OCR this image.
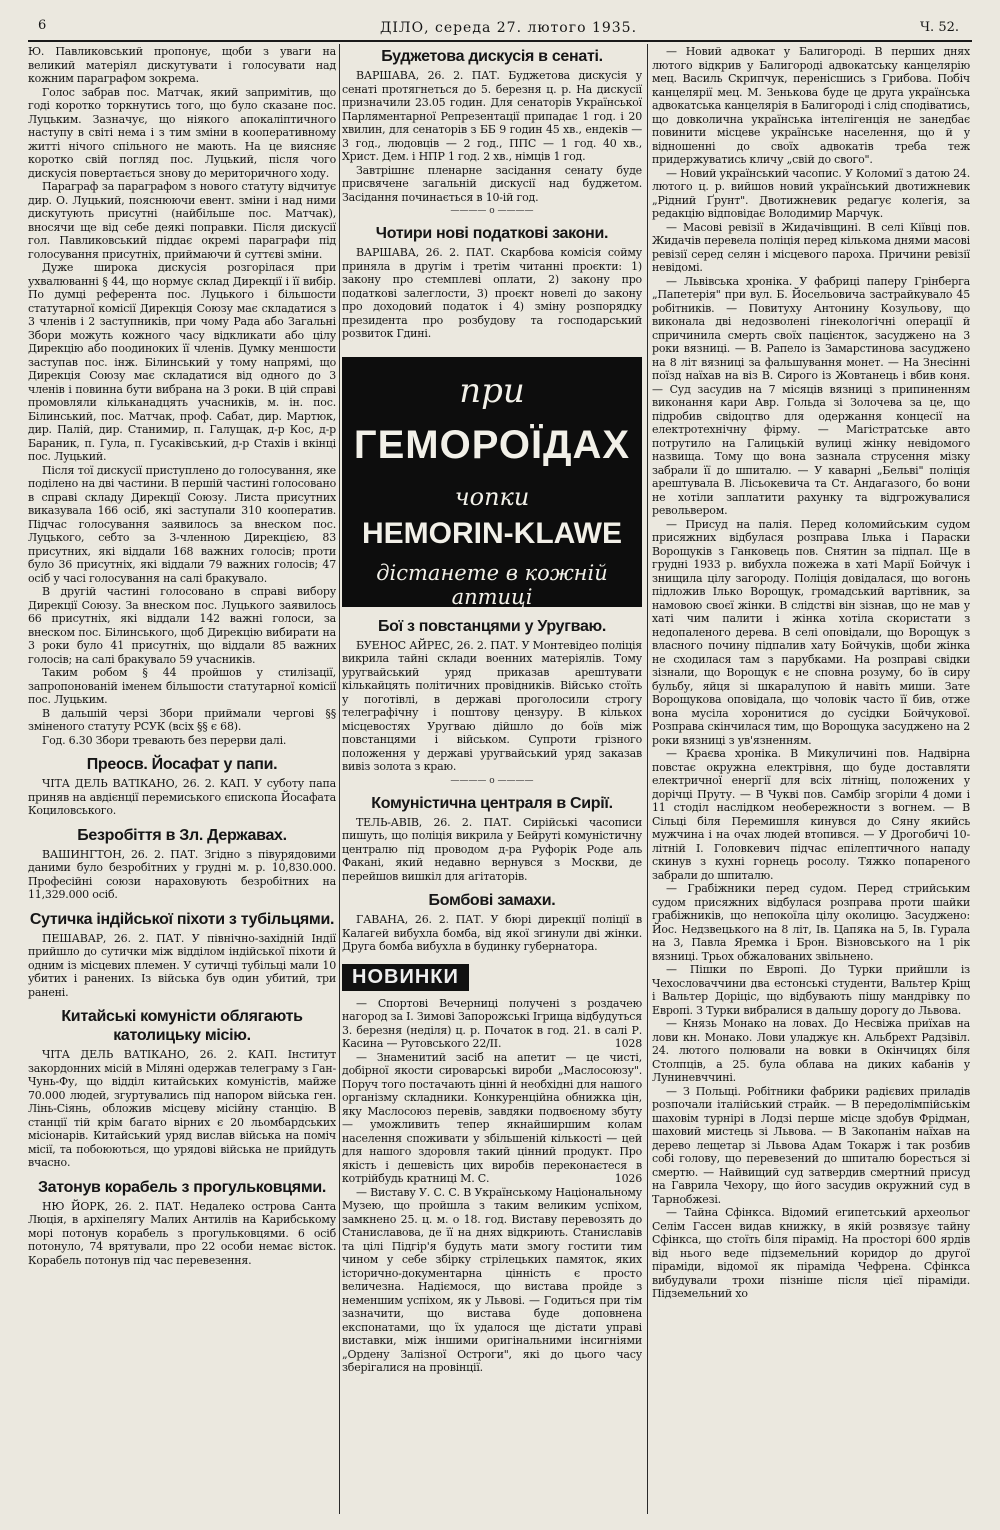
6	ДІЛО, середа 27. лютого 1935.	Ч. 52.

Ю. Павликовський пропонує, щоби з уваги на великий матеріял дискутувати і голосувати над кожним параграфом зокрема.

Голос забрав пос. Матчак, який запримітив, що годі коротко торкнутись того, що було сказане пос. Луцьким. Зазначує, що ніякого апокаліптичного наступу в світі нема і з тим зміни в кооперативному житті нічого спільного не мають. На це виясняє коротко свій погляд пос. Луцький, після чого дискусія повертається знову до мериторичного ходу.

Параграф за параграфом з нового статуту відчитує дир. О. Луцький, пояснюючи евент. зміни і над ними дискутують присутні (найбільше пос. Матчак), вносячи ще від себе деякі поправки. Після дискусії гол. Павликовський піддає окремі параграфи під голосування присутніх, приймаючи й суттєві зміни.

Дуже широка дискусія розгорілася при ухвалюванні § 44, що нормує склад Дирекції і її вибір. По думці референта пос. Луцького і більшости статутарної комісії Дирекція Союзу має складатися з 3 членів і 2 заступників, при чому Рада або Загальні Збори можуть кожного часу відкликати або цілу Дирекцію або поодиноких її членів. Думку меншости заступав пос. інж. Білинський у тому напрямі, що Дирекція Союзу має складатися від одного до 3 членів і повинна бути вибрана на 3 роки. В цій справі промовляли кільканадцять учасників, м. ін. пос. Білинський, пос. Матчак, проф. Сабат, дир. Мартюк, дир. Палій, дир. Станимир, п. Галущак, д-р Кос, д-р Бараник, п. Гула, п. Гусаківський, д-р Стахів і вкінці пос. Луцький.

Після тої дискусії приступлено до голосування, яке поділено на дві частини. В першій частині голосовано в справі складу Дирекції Союзу. Листа присутних виказувала 166 осіб, які заступали 310 кооператив. Підчас голосування заявилось за внеском пос. Луцького, себто за 3-членною Дирекцією, 83 присутних, які віддали 168 важних голосів; проти було 36 присутніх, які віддали 79 важних голосів; 47 осіб у часі голосування на салі бракувало.

В другій частині голосовано в справі вибору Дирекції Союзу. За внеском пос. Луцького заявилось 66 присутніх, які віддали 142 важні голоси, за внеском пос. Білинського, щоб Дирекцію вибирати на 3 роки було 41 присутніх, що віддали 85 важних голосів; на салі бракувало 59 учасників.

Таким робом § 44 пройшов у стилізації, запропонованій іменем більшости статутарної комісії пос. Луцьким.

В дальшій черзі Збори приймали чергові §§ зміненого статуту РСУК (всіх §§ є 68).

Год. 6.30 Збори тревають без перерви далі.

Преосв. Йосафат у папи.

ЧІТА ДЕЛЬ ВАТІКАНО, 26. 2. КАП. У суботу папа приняв на авдієнції перемиського єпископа Йосафата Коциловського.

Безробіття в Зл. Державах.

ВАШИНГТОН, 26. 2. ПАТ. Згідно з півурядовими даними було безробітних у грудні м. р. 10,830.000. Професійні союзи нараховують безробітних на 11,329.000 осіб.

Сутичка індійської піхоти з тубільцями.

ПЕШАВАР, 26. 2. ПАТ. У північно-західній Індії прийшло до сутички між відділом індійської піхоти й одним із місцевих племен. У сутичці тубільці мали 10 убитих і ранених. Із війська був один убитий, три ранені.

Китайські комуністи облягають католицьку місію.

ЧІТА ДЕЛЬ ВАТІКАНО, 26. 2. КАП. Інститут закордонних місій в Міляні одержав телеграму з Ган-Чунь-Фу, що відділ китайських комуністів, майже 70.000 людей, згуртувались під напором війська ген. Лінь-Сіянь, обложив місцеву місійну станцію. В станції тій крім багато вірних є 20 льомбардських місіонарів. Китайський уряд вислав війська на поміч місії, та побоюються, що урядові війська не прийдуть вчасно.

Затонув корабель з прогульковцями.

НЮ ЙОРК, 26. 2. ПАТ. Недалеко острова Санта Люція, в архіпелягу Малих Антилів на Карибському морі потонув корабель з прогульковцями. 6 осіб потонуло, 74 врятували, про 22 особи немає вісток. Корабель потонув під час перевезення.

Буджетова дискусія в сенаті.

ВАРШАВА, 26. 2. ПАТ. Буджетова дискусія у сенаті протягнеться до 5. березня ц. р. На дискусії призначили 23.05 годин. Для сенаторів Української Парляментарної Репрезентації припадає 1 год. і 20 хвилин, для сенаторів з ББ 9 годин 45 хв., ендеків — 3 год., людовців — 2 год., ППС — 1 год. 40 хв., Христ. Дем. і НПР 1 год. 2 хв., німців 1 год.

Завтрішнє пленарне засідання сенату буде присвячене загальній дискусії над буджетом. Засідання починається в 10-ій год.

———— o ————
Чотири нові податкові закони.

ВАРШАВА, 26. 2. ПАТ. Скарбова комісія сойму приняла в другім і третім читанні проєкти: 1) закону про стемплеві оплати, 2) закону про податкові залеглости, 3) проєкт новелі до закону про доходовий податок і 4) зміну розпорядку президента про розбудову та господарський розвиток Гдині.

при
ГЕМОРОЇДАХ
чопки
HEMORIN-KLAWE
дістанете в кожній аптиці
Бої з повстанцями у Уругваю.

БУЕНОС АЙРЕС, 26. 2. ПАТ. У Монтевідео поліція викрила тайні склади военних матеріялів. Тому уругвайський уряд приказав арештувати кількайцять політичних провідників. Військо стоїть у поготівлі, в державі проголосили строгу телеграфічну і поштову цензуру. В кількох місцевостях Уругваю дійшло до боїв між повстанцями і військом. Супроти грізного положення у державі уругвайський уряд заказав вивіз золота з краю.

———— o ————
Комуністична централя в Сирії.

ТЕЛЬ-АВІВ, 26. 2. ПАТ. Сирійські часописи пишуть, що поліція викрила у Бейруті комуністичну централю під проводом д-ра Руфорік Роде аль Факані, який недавно вернувся з Москви, де перейшов вишкіл для агітаторів.

Бомбові замахи.

ГАВАНА, 26. 2. ПАТ. У бюрі дирекції поліції в Калагей вибухла бомба, від якої згинули дві жінки. Друга бомба вибухла в будинку губернатора.

НОВИНКИ

— Спортові Вечерниці получені з роздачею нагород за І. Зимові Запорожські Ігрища відбудуться 3. березня (неділя) ц. р. Початок в год. 21. в салі Р. Касина — Рутовського 22/II.	1028

— Знаменитий засіб на апетит — це чисті, добірної якости сироварські вироби „Маслосоюзу". Поруч того постачають цінні й необхідні для нашого організму складники. Конкуренційна обнижка цін, яку Маслосоюз перевів, завдяки подвоєному збуту — уможливить тепер якнайширшим колам населення споживати у збільшеній кількості — цей для нашого здоровля такий цінний продукт. Про якість і дешевість цих виробів переконаєтеся в котрійбудь кратниці М. С.	1026

— Виставу У. С. С. В Українському Національному Музею, що пройшла з таким великим успіхом, замкнено 25. ц. м. о 18. год. Виставу перевозять до Станиславова, де її на днях відкриють. Станиславів та цілі Підгір'я будуть мати змогу гостити тим чином у себе збірку стрілецьких памяток, яких історично-документарна цінність є просто величезна. Надіємося, що вистава пройде з неменшим успіхом, як у Львові. — Годиться при тім зазначити, що вистава буде доповнена експонатами, що їх удалося ще дістати управі виставки, між іншими оригінальними інсигніями „Ордену Залізної Остроги", які до цього часу зберігалися на провінції.

— Новий адвокат у Балигороді. В перших днях лютого відкрив у Балигороді адвокатську канцелярію мец. Василь Скрипчук, перенісшись з Грибова. Побіч канцелярії мец. М. Зенькова буде це друга українська адвокатська канцелярія в Балигороді і слід сподіватись, що довколична українська інтелігенція не занедбає повинити місцеве українське населення, що й у відношенні до своїх адвокатів треба теж придержуватись кличу „свій до свого".

— Новий український часопис. У Коломиї з датою 24. лютого ц. р. вийшов новий український двотижневик „Рідний Ґрунт". Двотижневик редагує колегія, за редакцію відповідає Володимир Марчук.

— Масові ревізії в Жидачівщині. В селі Кіївці пов. Жидачів перевела поліція перед кількома днями масові ревізії серед селян і місцевого пароха. Причини ревізії невідомі.

— Львівська хроніка. У фабриці паперу Грінберга „Папетерія" при вул. Б. Йосельовича застрайкувало 45 робітників. — Повитуху Антонину Козульову, що виконала дві недозволені гінекологічні операції й спричинила смерть своїх пацієнток, засуджено на 3 роки вязниці. — В. Рапело із Замарстинова засуджено на 8 літ вязниці за фальшування монет. — На Знесінні поїзд наїхав на віз В. Сирого із Жовтанець і вбив коня. — Суд засудив на 7 місяців вязниці з припиненням виконання кари Авр. Гольда зі Золочева за це, що підробив свідоцтво для одержання концесії на електротехнічну фірму. — Магістратське авто потрутило на Галицькій вулиці жінку невідомого назвища. Тому що вона зазнала струсення мізку забрали її до шпиталю. — У каварні „Бельві" поліція арештувала В. Лісьокевича та Ст. Андагазого, бо вони не хотіли заплатити рахунку та відгрожувалися револьвером.

— Присуд на палія. Перед коломийським судом присяжних відбулася розправа Ілька і Параски Ворощуків з Ганковець пов. Снятин за підпал. Ще в грудні 1933 р. вибухла пожежа в хаті Марії Бойчук і знищила цілу загороду. Поліція довідалася, що вогонь підложив Ілько Ворощук, громадський вартівник, за намовою своєї жінки. В слідстві він зізнав, що не мав у хаті чим палити і жінка хотіла скористати з недопаленого дерева. В селі оповідали, що Ворощук з власного почину підпалив хату Бойчуків, щоби жінка не сходилася там з парубками. На розправі свідки зізнали, що Ворощук є не сповна розуму, бо їв сиру бульбу, яйця зі шкаралупою й навіть миши. Зате Ворощукова оповідала, що чоловік часто її бив, отже вона мусіла хоронитися до сусідки Бойчукової. Розправа скінчилася тим, що Ворощука засуджено на 2 роки вязниці з ув'язненням.

— Краєва хроніка. В Микуличині пов. Надвірна повстає окружна електрівня, що буде доставляти електричної енергії для всіх літніщ, положених у дорічці Пруту. — В Чукві пов. Самбір згоріли 4 доми і 11 стоділ наслідком необережности з вогнем. — В Сільці біля Перемишля кинувся до Сяну якийсь мужчина і на очах людей втопився. — У Дрогобичі 10-літній І. Головкевич підчас епілептичного нападу скинув з кухні горнець росолу. Тяжко попареного забрали до шпиталю.

— Грабіжники перед судом. Перед стрийським судом присяжних відбулася розправа проти шайки грабіжників, що непокоїла цілу околицю. Засуджено: Йос. Недзвецького на 8 літ, Ів. Цапяка на 5, Ів. Гурала на 3, Павла Яремка і Брон. Візновського на 1 рік вязниці. Трьох обжалованих звільнено.

— Пішки по Европі. До Турки прийшли із Чехословаччини два естонські студенти, Вальтер Кріщ і Вальтер Доріціс, що відбувають пішу мандрівку по Европі. З Турки вибралися в дальшу дорогу до Львова.

— Князь Монако на ловах. До Несвіжа приїхав на лови кн. Монако. Лови уладжує кн. Альбрехт Радзівіл. 24. лютого полювали на вовки в Окінчицях біля Столпців, а 25. була облава на диких кабанів у Луниневччині.

— З Польщі. Робітники фабрики радієвих приладів розпочали італійський страйк. — В передолімпійськім шаховім турнірі в Лодзі перше місце здобув Фрідман, шаховий мистець зі Львова. — В Закопанім наїхав на дерево лещетар зі Львова Адам Токарж і так розбив собі голову, що перевезений до шпиталю боресться зі смертю. — Найвищий суд затвердив смертний присуд на Гаврила Чехору, що його засудив окружний суд в Тарнобжезі.

— Тайна Сфінкса. Відомий египетський археольог Селім Гассен видав книжку, в якій розвязує тайну Сфінкса, що стоїть біля пірамід. На просторі 600 ярдів від нього веде підземельний коридор до другої піраміди, відомої як піраміда Чефрена. Сфінкса вибудували трохи пізніше після цієї піраміди. Підземельний хо
